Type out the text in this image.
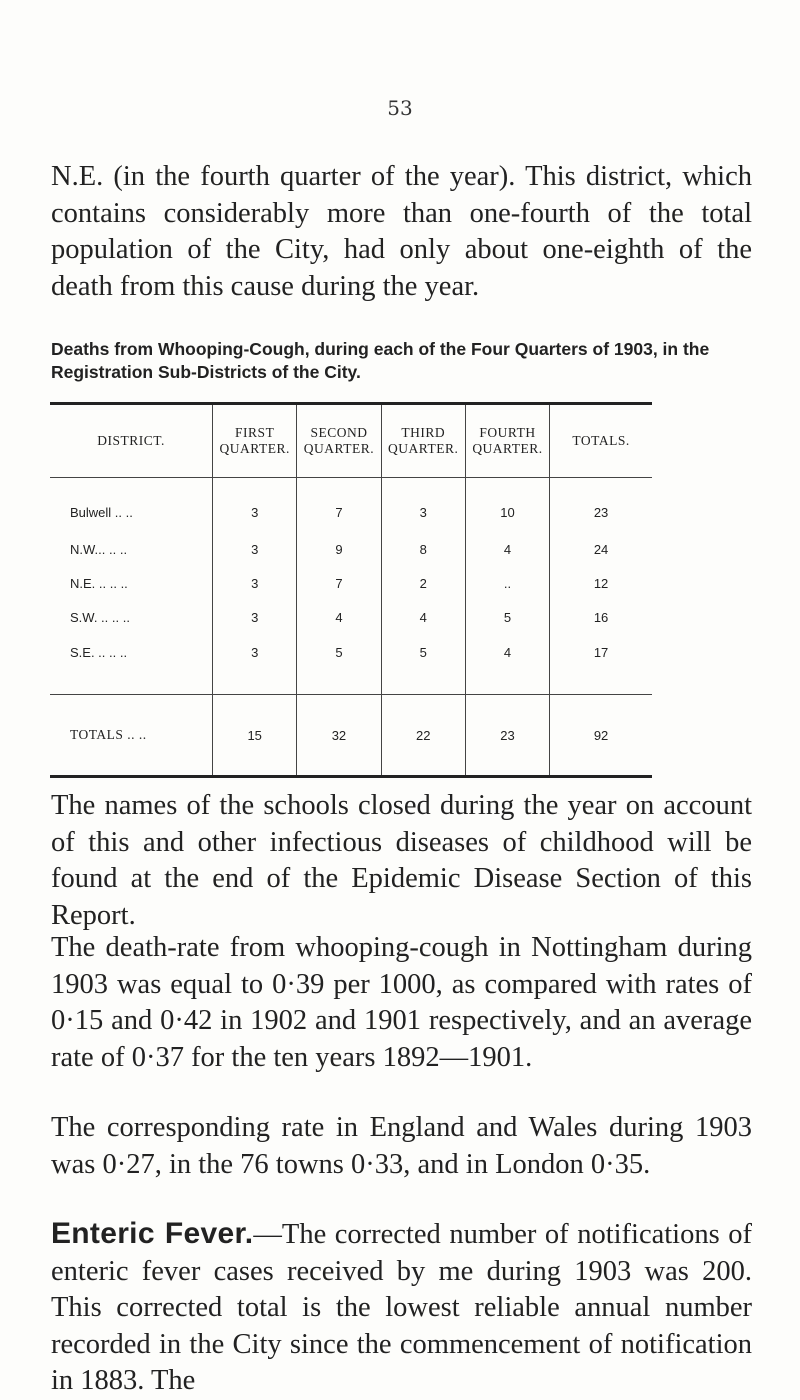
53

N.E. (in the fourth quarter of the year). This district, which contains considerably more than one-fourth of the total population of the City, had only about one-eighth of the death from this cause during the year.

Deaths from Whooping-Cough, during each of the Four Quarters of 1903, in the Registration Sub-Districts of the City.

DISTRICT.	FIRST QUARTER.	SECOND QUARTER.	THIRD QUARTER.	FOURTH QUARTER.	TOTALS.
Bulwell .. ..	3	7	3	10	23
N.W... .. ..	3	9	8	4	24
N.E. .. .. ..	3	7	2	..	12
S.W. .. .. ..	3	4	4	5	16
S.E. .. .. ..	3	5	5	4	17

TOTALS .. ..	15	32	22	23	92

The names of the schools closed during the year on account of this and other infectious diseases of childhood will be found at the end of the Epidemic Disease Section of this Report.

The death-rate from whooping-cough in Nottingham during 1903 was equal to 0·39 per 1000, as compared with rates of 0·15 and 0·42 in 1902 and 1901 respectively, and an average rate of 0·37 for the ten years 1892—1901.

The corresponding rate in England and Wales during 1903 was 0·27, in the 76 towns 0·33, and in London 0·35.

Enteric Fever.—The corrected number of notifications of enteric fever cases received by me during 1903 was 200. This corrected total is the lowest reliable annual number recorded in the City since the commencement of notification in 1883. The
